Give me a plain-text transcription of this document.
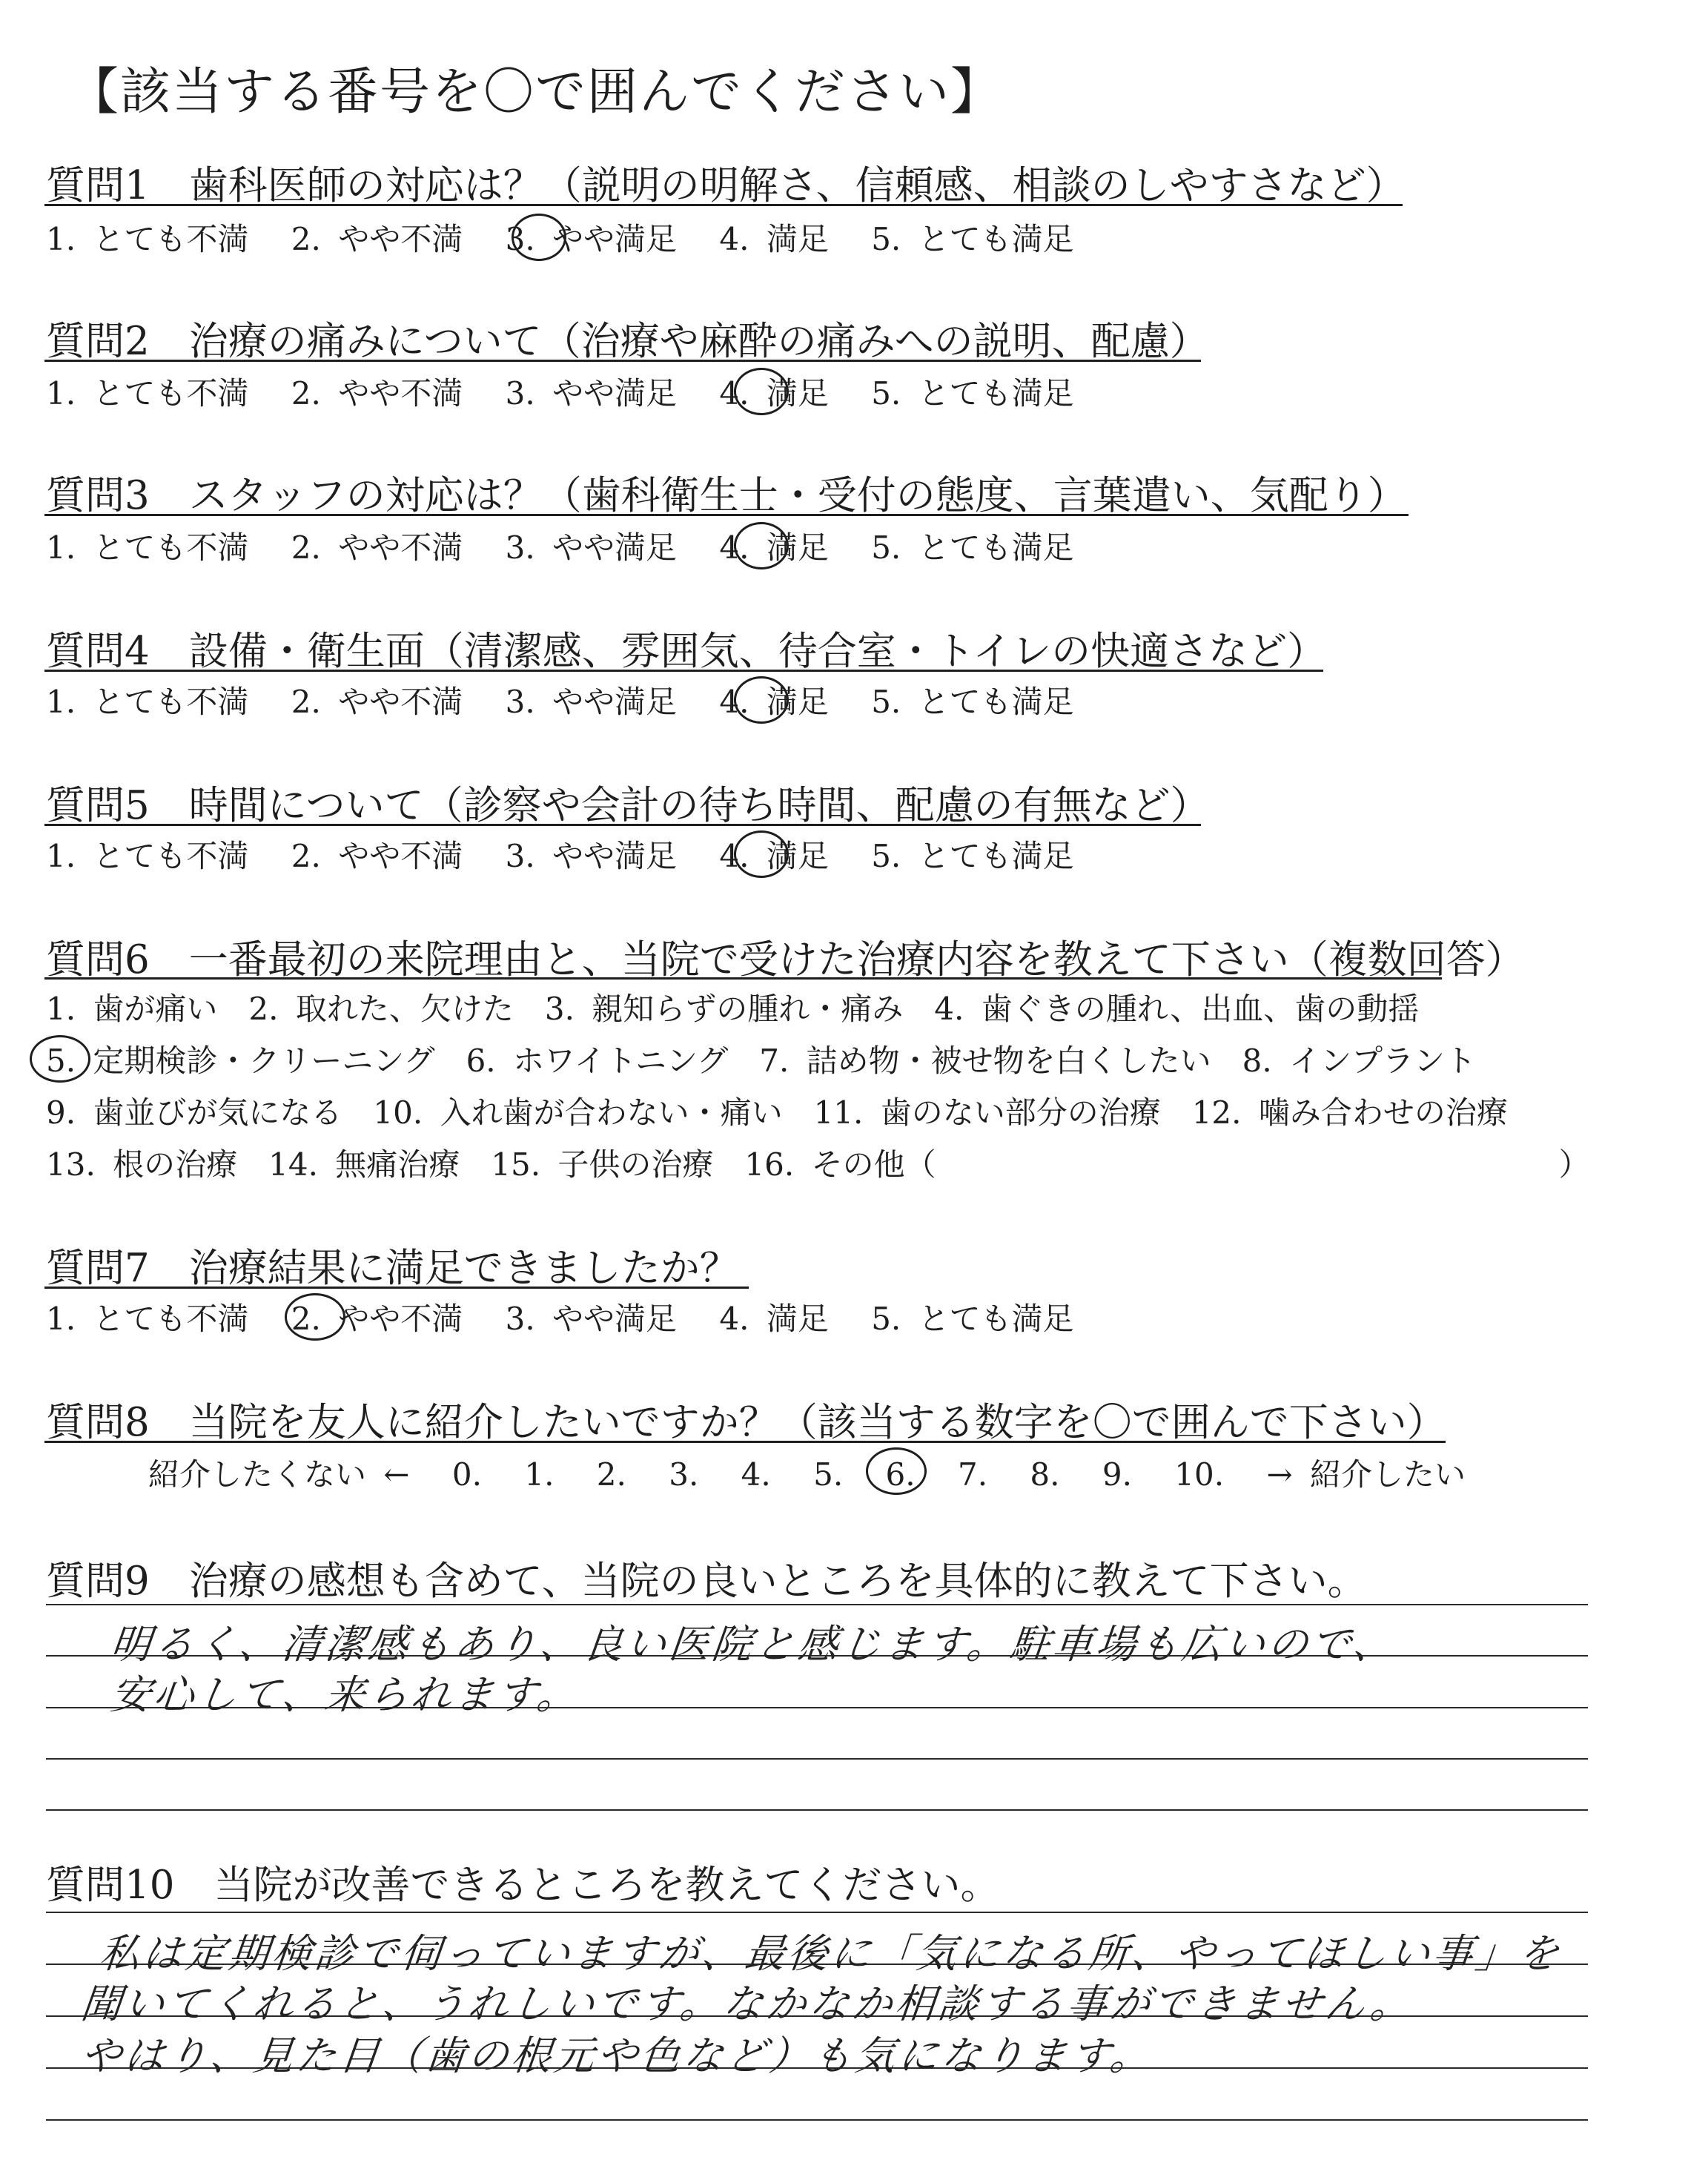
【該当する番号を〇で囲んでください】
質問1　歯科医師の対応は？（説明の明解さ、信頼感、相談のしやすさなど）
1. とても不満 2. やや不満 3. やや満足 4. 満足 5. とても満足
質問2　治療の痛みについて（治療や麻酔の痛みへの説明、配慮）
1. とても不満 2. やや不満 3. やや満足 4. 満足 5. とても満足
質問3　スタッフの対応は？（歯科衛生士・受付の態度、言葉遣い、気配り）
1. とても不満 2. やや不満 3. やや満足 4. 満足 5. とても満足
質問4　設備・衛生面（清潔感、雰囲気、待合室・トイレの快適さなど）
1. とても不満 2. やや不満 3. やや満足 4. 満足 5. とても満足
質問5　時間について（診察や会計の待ち時間、配慮の有無など）
1. とても不満 2. やや不満 3. やや満足 4. 満足 5. とても満足
質問6　一番最初の来院理由と、当院で受けた治療内容を教えて下さい（複数回答）
1. 歯が痛い　2. 取れた、欠けた　3. 親知らずの腫れ・痛み　4. 歯ぐきの腫れ、出血、歯の動揺
5. 定期検診・クリーニング　6. ホワイトニング　7. 詰め物・被せ物を白くしたい　8. インプラント
9. 歯並びが気になる　10. 入れ歯が合わない・痛い　11. 歯のない部分の治療　12. 噛み合わせの治療
13. 根の治療　14. 無痛治療　15. 子供の治療　16. その他（　　　　　　　　　　　　　　　　　　　　）
質問7　治療結果に満足できましたか？
1. とても不満 2. やや不満 3. やや満足 4. 満足 5. とても満足
質問8　当院を友人に紹介したいですか？（該当する数字を〇で囲んで下さい）
紹介したくない ← 0. 1. 2. 3. 4. 5. 6. 7. 8. 9. 10. → 紹介したい
質問9　治療の感想も含めて、当院の良いところを具体的に教えて下さい。
明るく、清潔感もあり、良い医院と感じます。駐車場も広いので、
安心して、来られます。
質問10　当院が改善できるところを教えてください。
私は定期検診で伺っていますが、最後に「気になる所、やってほしい事」を
聞いてくれると、うれしいです。なかなか相談する事ができません。
やはり、見た目（歯の根元や色など）も気になります。
